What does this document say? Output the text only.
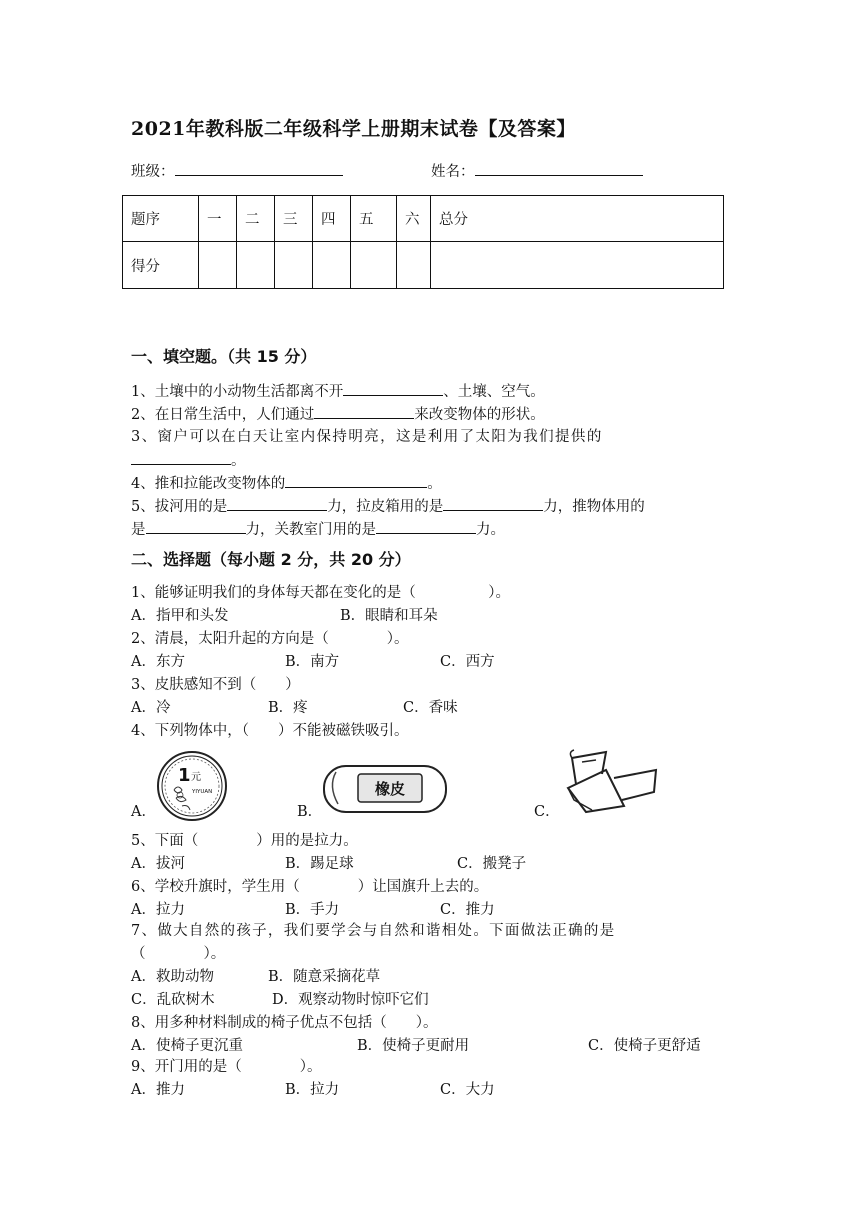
2021年教科版二年级科学上册期末试卷【及答案】
班级：	姓名：
题序	一	二	三	四	五	六	总分
得分							
一、填空题。（共 15 分）
1、土壤中的小动物生活都离不开	、土壤、空气。
2、在日常生活中，人们通过	来改变物体的形状。
3、窗户可以在白天让室内保持明亮，这是利用了太阳为我们提供的
。
4、推和拉能改变物体的	。
5、拔河用的是	力，拉皮箱用的是	力，推物体用的
是	力，关教室门用的是	力。
二、选择题（每小题 2 分，共 20 分）
1、能够证明我们的身体每天都在变化的是（　　　　　）。
A．指甲和头发	B．眼睛和耳朵
2、清晨，太阳升起的方向是（　　　　）。
A．东方	B．南方	C．西方
3、皮肤感知不到（　　）
A．冷	B．疼	C．香味
4、下列物体中，（　　）不能被磁铁吸引。
A．
1 元
YIYUAN
B．
橡皮
C．
5、下面（　　　　）用的是拉力。
A．拔河	B．踢足球	C．搬凳子
6、学校升旗时，学生用（　　　　）让国旗升上去的。
A．拉力	B．手力	C．推力
7、做大自然的孩子，我们要学会与自然和谐相处。下面做法正确的是
（　　　　）。
A．救助动物	B．随意采摘花草
C．乱砍树木	D．观察动物时惊吓它们
8、用多种材料制成的椅子优点不包括（　　）。
A．使椅子更沉重	B．使椅子更耐用	C．使椅子更舒适
9、开门用的是（　　　　）。
A．推力	B．拉力	C．大力
